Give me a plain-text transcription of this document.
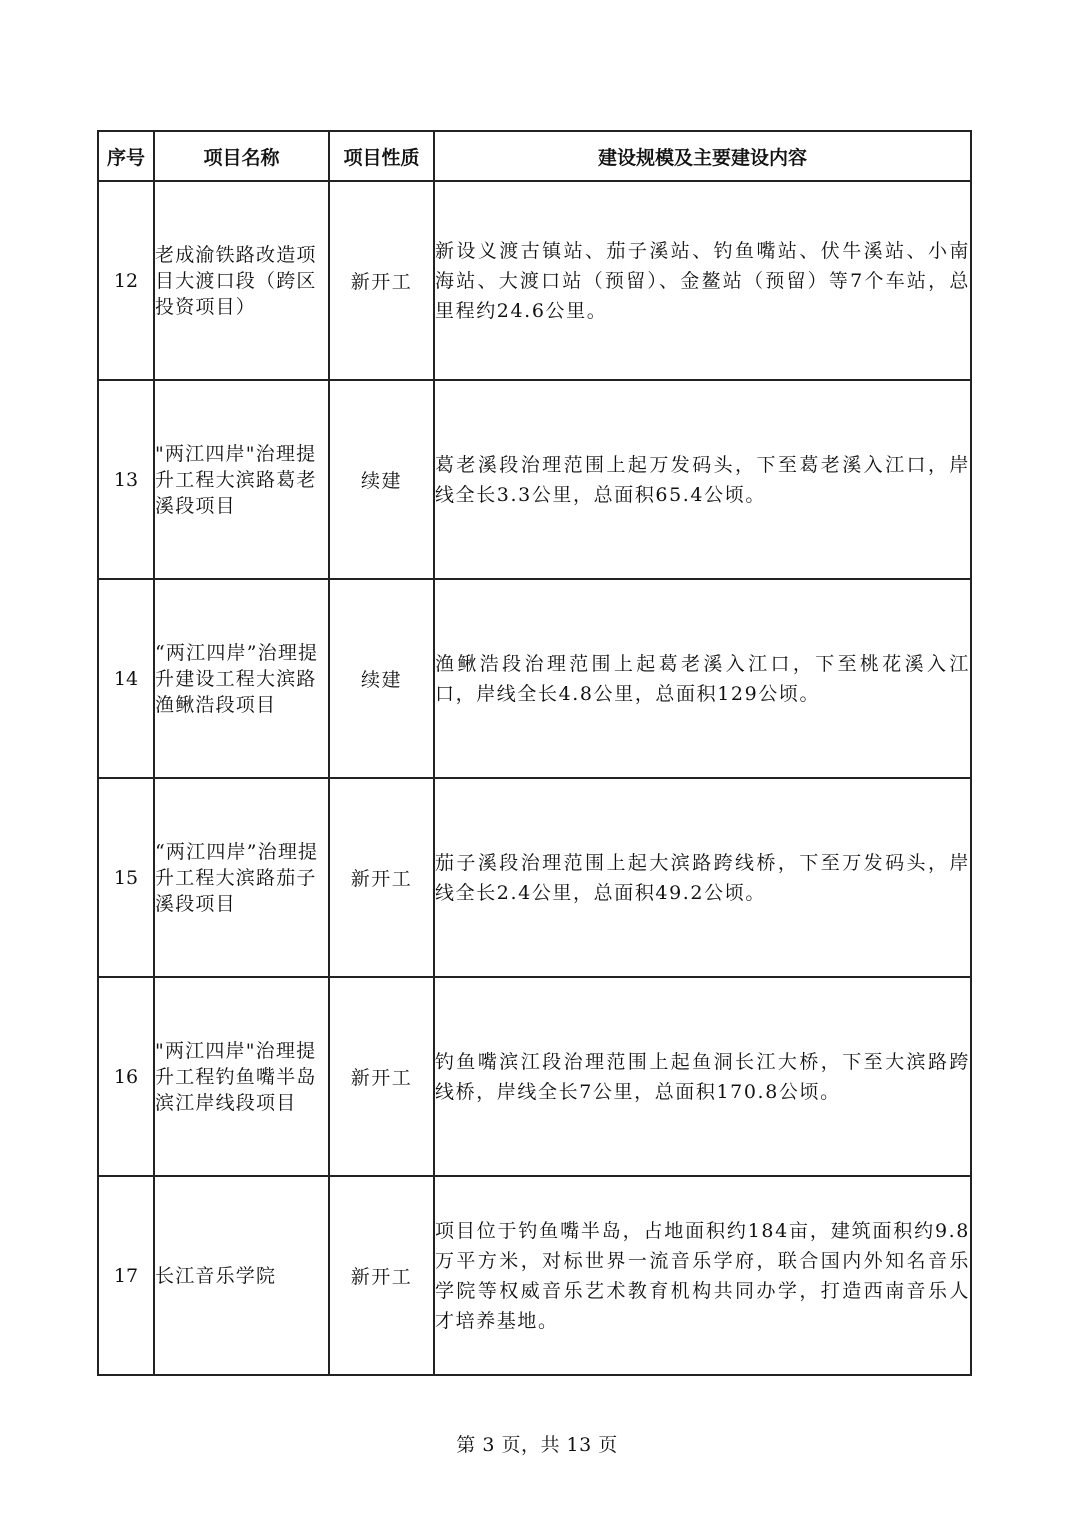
序号	项目名称	项目性质	建设规模及主要建设内容
12	老成渝铁路改造项目大渡口段（跨区投资项目）	新开工	新设义渡古镇站、茄子溪站、钓鱼嘴站、伏牛溪站、小南海站、大渡口站（预留）、金鳌站（预留）等7个车站，总里程约24.6公里。
13	"两江四岸"治理提升工程大滨路葛老溪段项目	续建	葛老溪段治理范围上起万发码头，下至葛老溪入江口，岸线全长3.3公里，总面积65.4公顷。
14	“两江四岸”治理提升建设工程大滨路渔鳅浩段项目	续建	渔鳅浩段治理范围上起葛老溪入江口，下至桃花溪入江口，岸线全长4.8公里，总面积129公顷。
15	“两江四岸”治理提升工程大滨路茄子溪段项目	新开工	茄子溪段治理范围上起大滨路跨线桥，下至万发码头，岸线全长2.4公里，总面积49.2公顷。
16	"两江四岸"治理提升工程钓鱼嘴半岛滨江岸线段项目	新开工	钓鱼嘴滨江段治理范围上起鱼洞长江大桥，下至大滨路跨线桥，岸线全长7公里，总面积170.8公顷。
17	长江音乐学院	新开工	项目位于钓鱼嘴半岛，占地面积约184亩，建筑面积约9.8万平方米，对标世界一流音乐学府，联合国内外知名音乐学院等权威音乐艺术教育机构共同办学，打造西南音乐人才培养基地。
第 3 页，共 13 页
